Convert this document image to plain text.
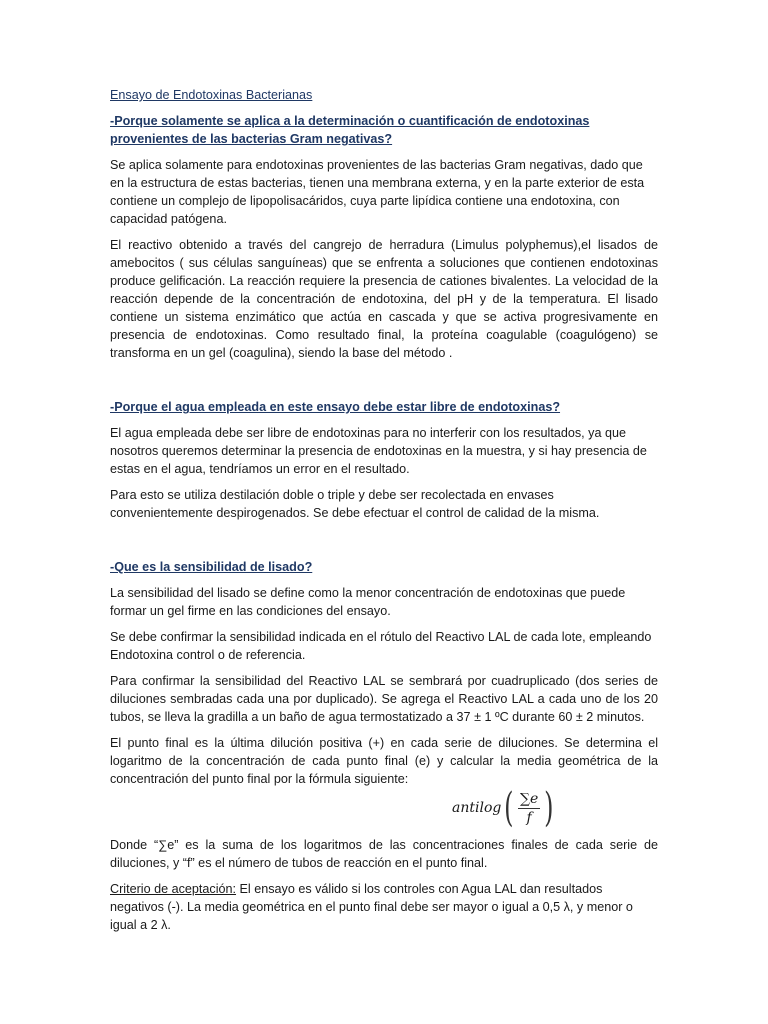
Ensayo de Endotoxinas Bacterianas
-Porque solamente se aplica a la determinación o cuantificación de endotoxinas provenientes de las bacterias Gram negativas?

Se aplica solamente para endotoxinas provenientes de las bacterias Gram negativas, dado que en la estructura de estas bacterias, tienen una membrana externa, y en la parte exterior de esta contiene un complejo de lipopolisacáridos, cuya parte lipídica contiene una endotoxina, con capacidad patógena.

El reactivo obtenido a través del cangrejo de herradura (Limulus polyphemus),el lisados de amebocitos ( sus células sanguíneas) que se enfrenta a soluciones que contienen endotoxinas produce gelificación. La reacción requiere la presencia de cationes bivalentes. La velocidad de la reacción depende de la concentración de endotoxina, del pH y de la temperatura. El lisado contiene un sistema enzimático que actúa en cascada y que se activa progresivamente en presencia de endotoxinas. Como resultado final, la proteína coagulable (coagulógeno) se transforma en un gel (coagulina), siendo la base del método .

-Porque el agua empleada en este ensayo debe estar libre de endotoxinas?

El agua empleada debe ser libre de endotoxinas para no interferir con los resultados, ya que nosotros queremos determinar la presencia de endotoxinas en la muestra, y si hay presencia de estas en el agua, tendríamos un error en el resultado.

Para esto se utiliza destilación doble o triple y debe ser recolectada en envases convenientemente despirogenados. Se debe efectuar el control de calidad de la misma.

-Que es la sensibilidad de lisado?

La sensibilidad del lisado se define como la menor concentración de endotoxinas que puede formar un gel firme en las condiciones del ensayo.

Se debe confirmar la sensibilidad indicada en el rótulo del Reactivo LAL de cada lote, empleando Endotoxina control o de referencia.

Para confirmar la sensibilidad del Reactivo LAL se sembrará por cuadruplicado (dos series de diluciones sembradas cada una por duplicado). Se agrega el Reactivo LAL a cada uno de los 20 tubos, se lleva la gradilla a un baño de agua termostatizado a 37 ± 1 ºC durante 60 ± 2 minutos.

El punto final es la última dilución positiva (+) en cada serie de diluciones. Se determina el logaritmo de la concentración de cada punto final (e) y calcular la media geométrica de la concentración del punto final por la fórmula siguiente:

antilog ( $\frac{\sum e}{f}$ )

Donde “∑e” es la suma de los logaritmos de las concentraciones finales de cada serie de diluciones, y “f” es el número de tubos de reacción en el punto final.

Criterio de aceptación: El ensayo es válido si los controles con Agua LAL dan resultados negativos (-). La media geométrica en el punto final debe ser mayor o igual a 0,5 λ, y menor o igual a 2 λ.
